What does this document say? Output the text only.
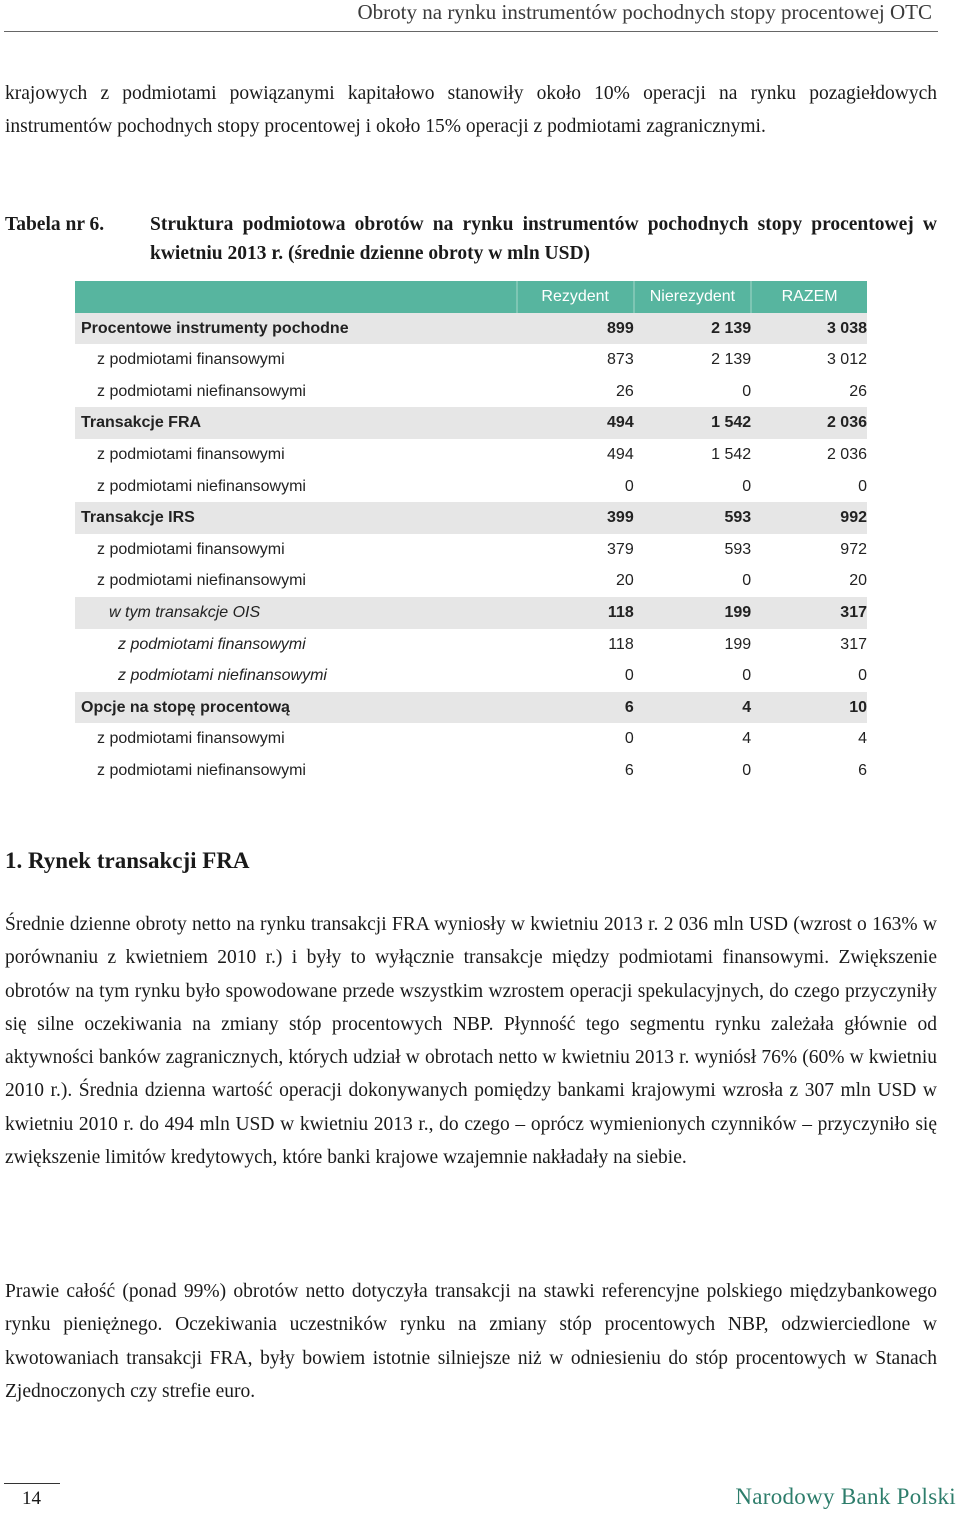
Obroty na rynku instrumentów pochodnych stopy procentowej OTC

krajowych z podmiotami powiązanymi kapitałowo stanowiły około 10% operacji na rynku pozagiełdowych instrumentów pochodnych stopy procentowej i około 15% operacji z podmiotami zagranicznymi.

Tabela nr 6. Struktura podmiotowa obrotów na rynku instrumentów pochodnych stopy procentowej w kwietniu 2013 r. (średnie dzienne obroty w mln USD)
	Rezydent	Nierezydent	RAZEM
Procentowe instrumenty pochodne	899	2 139	3 038
z podmiotami finansowymi	873	2 139	3 012
z podmiotami niefinansowymi	26	0	26
Transakcje FRA	494	1 542	2 036
z podmiotami finansowymi	494	1 542	2 036
z podmiotami niefinansowymi	0	0	0
Transakcje IRS	399	593	992
z podmiotami finansowymi	379	593	972
z podmiotami niefinansowymi	20	0	20
w tym transakcje OIS	118	199	317
z podmiotami finansowymi	118	199	317
z podmiotami niefinansowymi	0	0	0
Opcje na stopę procentową	6	4	10
z podmiotami finansowymi	0	4	4
z podmiotami niefinansowymi	6	0	6
1. Rynek transakcji FRA

Średnie dzienne obroty netto na rynku transakcji FRA wyniosły w kwietniu 2013 r. 2 036 mln USD (wzrost o 163% w porównaniu z kwietniem 2010 r.) i były to wyłącznie transakcje między podmiotami finansowymi. Zwiększenie obrotów na tym rynku było spowodowane przede wszystkim wzrostem operacji spekulacyjnych, do czego przyczyniły się silne oczekiwania na zmiany stóp procentowych NBP. Płynność tego segmentu rynku zależała głównie od aktywności banków zagranicznych, których udział w obrotach netto w kwietniu 2013 r. wyniósł 76% (60% w kwietniu 2010 r.). Średnia dzienna wartość operacji dokonywanych pomiędzy bankami krajowymi wzrosła z 307 mln USD w kwietniu 2010 r. do 494 mln USD w kwietniu 2013 r., do czego – oprócz wymienionych czynników – przyczyniło się zwiększenie limitów kredytowych, które banki krajowe wzajemnie nakładały na siebie.

Prawie całość (ponad 99%) obrotów netto dotyczyła transakcji na stawki referencyjne polskiego międzybankowego rynku pieniężnego. Oczekiwania uczestników rynku na zmiany stóp procentowych NBP, odzwierciedlone w kwotowaniach transakcji FRA, były bowiem istotnie silniejsze niż w odniesieniu do stóp procentowych w Stanach Zjednoczonych czy strefie euro.

14	Narodowy Bank Polski
